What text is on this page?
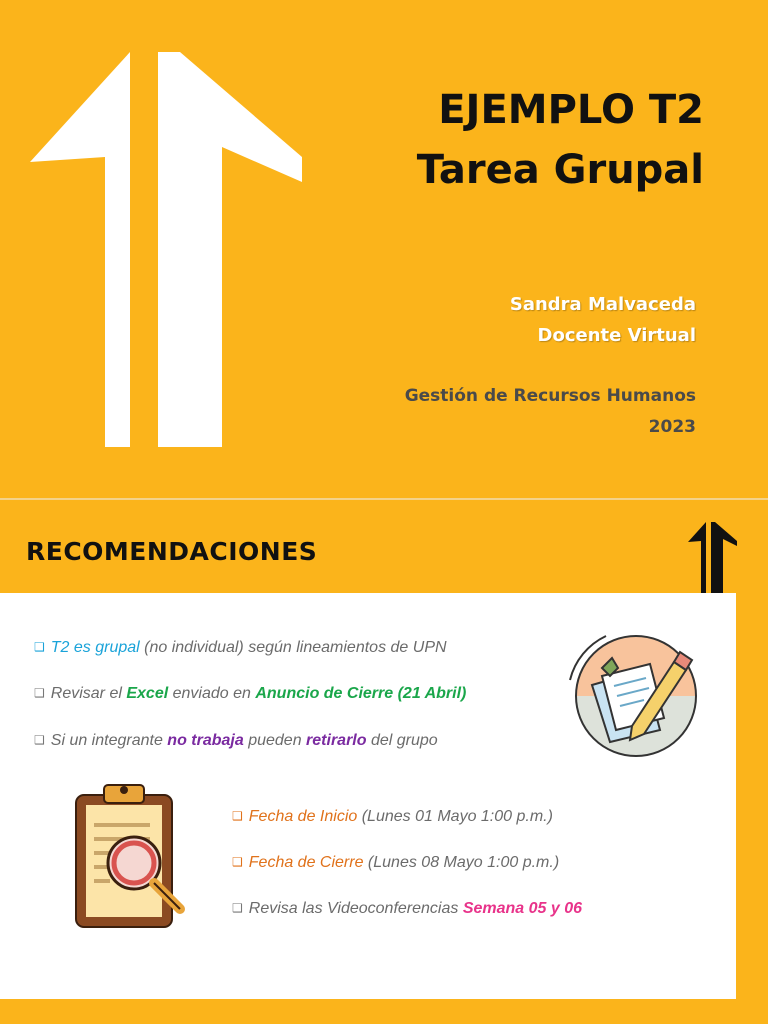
EJEMPLO T2
Tarea Grupal
Sandra Malvaceda
Docente Virtual
Gestión de Recursos Humanos
2023
RECOMENDACIONES
❑ T2 es grupal (no individual) según lineamientos de UPN
❑ Revisar el Excel enviado en Anuncio de Cierre (21 Abril)
❑ Si un integrante no trabaja pueden retirarlo del grupo
❑ Fecha de Inicio (Lunes 01 Mayo 1:00 p.m.)
❑ Fecha de Cierre (Lunes 08 Mayo 1:00 p.m.)
❑ Revisa las Videoconferencias Semana 05 y 06
